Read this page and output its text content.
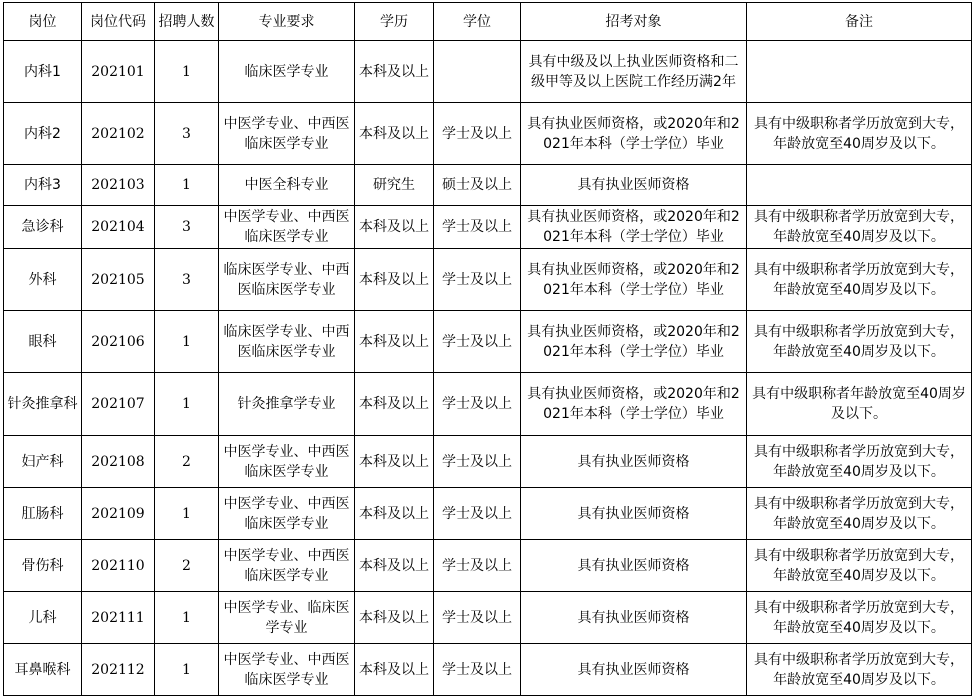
岗位	岗位代码	招聘人数	专业要求	学历	学位	招考对象	备注

内科1	202101	1	临床医学专业	本科及以上		具有中级及以上执业医师资格和二级甲等及以上医院工作经历满2年	

内科2	202102	3	中医学专业、中西医临床医学专业	本科及以上	学士及以上	具有执业医师资格，或2020年和2021年本科（学士学位）毕业	具有中级职称者学历放宽到大专，年龄放宽至40周岁及以下。

内科3	202103	1	中医全科专业	研究生	硕士及以上	具有执业医师资格	

急诊科	202104	3	中医学专业、中西医临床医学专业	本科及以上	学士及以上	具有执业医师资格，或2020年和2021年本科（学士学位）毕业	具有中级职称者学历放宽到大专，年龄放宽至40周岁及以下。

外科	202105	3	临床医学专业、中西医临床医学专业	本科及以上	学士及以上	具有执业医师资格，或2020年和2021年本科（学士学位）毕业	具有中级职称者学历放宽到大专，年龄放宽至40周岁及以下。

眼科	202106	1	临床医学专业、中西医临床医学专业	本科及以上	学士及以上	具有执业医师资格，或2020年和2021年本科（学士学位）毕业	具有中级职称者学历放宽到大专，年龄放宽至40周岁及以下。

针灸推拿科	202107	1	针灸推拿学专业	本科及以上	学士及以上	具有执业医师资格，或2020年和2021年本科（学士学位）毕业	具有中级职称者年龄放宽至40周岁及以下。

妇产科	202108	2	中医学专业、中西医临床医学专业	本科及以上	学士及以上	具有执业医师资格	具有中级职称者学历放宽到大专，年龄放宽至40周岁及以下。

肛肠科	202109	1	中医学专业、中西医临床医学专业	本科及以上	学士及以上	具有执业医师资格	具有中级职称者学历放宽到大专，年龄放宽至40周岁及以下。

骨伤科	202110	2	中医学专业、中西医临床医学专业	本科及以上	学士及以上	具有执业医师资格	具有中级职称者学历放宽到大专，年龄放宽至40周岁及以下。

儿科	202111	1	中医学专业、临床医学专业	本科及以上	学士及以上	具有执业医师资格	具有中级职称者学历放宽到大专，年龄放宽至40周岁及以下。

耳鼻喉科	202112	1	中医学专业、中西医临床医学专业	本科及以上	学士及以上	具有执业医师资格	具有中级职称者学历放宽到大专，年龄放宽至40周岁及以下。
